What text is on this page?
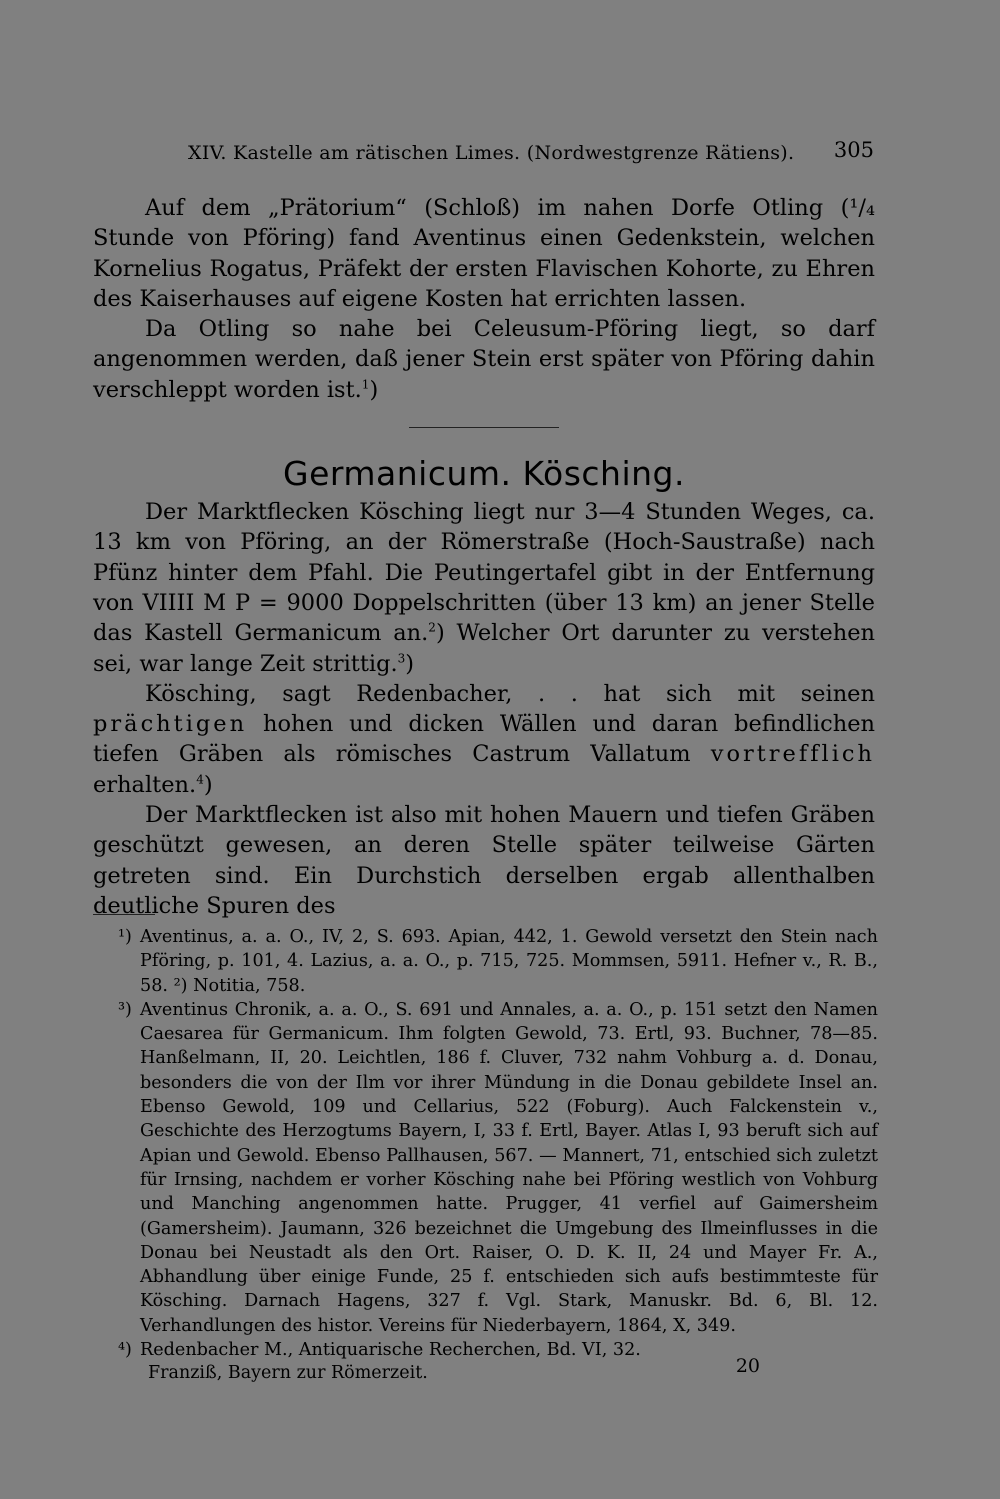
XIV. Kastelle am rätischen Limes. (Nordwestgrenze Rätiens). 305

Auf dem „Prätorium“ (Schloß) im nahen Dorfe Otling (¹/₄ Stunde von Pföring) fand Aventinus einen Gedenkstein, welchen Kornelius Rogatus, Präfekt der ersten Flavischen Kohorte, zu Ehren des Kaiserhauses auf eigene Kosten hat errichten lassen.

Da Otling so nahe bei Celeusum-Pföring liegt, so darf angenommen werden, daß jener Stein erst später von Pföring dahin verschleppt worden ist.$^1$)

Germanicum. Kösching.

Der Marktflecken Kösching liegt nur 3—4 Stunden Weges, ca. 13 km von Pföring, an der Römerstraße (Hoch-Saustraße) nach Pfünz hinter dem Pfahl. Die Peutingertafel gibt in der Entfernung von VIIII M P = 9000 Doppelschritten (über 13 km) an jener Stelle das Kastell Germanicum an.$^2$) Welcher Ort darunter zu verstehen sei, war lange Zeit strittig.$^3$)

Kösching, sagt Redenbacher, . . hat sich mit seinen prächtigen hohen und dicken Wällen und daran befindlichen tiefen Gräben als römisches Castrum Vallatum vortrefflich erhalten.$^4$)

Der Marktflecken ist also mit hohen Mauern und tiefen Gräben geschützt gewesen, an deren Stelle später teilweise Gärten getreten sind. Ein Durchstich derselben ergab allenthalben deutliche Spuren des

¹) Aventinus, a. a. O., IV, 2, S. 693. Apian, 442, 1. Gewold versetzt den Stein nach Pföring, p. 101, 4. Lazius, a. a. O., p. 715, 725. Mommsen, 5911. Hefner v., R. B., 58. ²) Notitia, 758.

³) Aventinus Chronik, a. a. O., S. 691 und Annales, a. a. O., p. 151 setzt den Namen Caesarea für Germanicum. Ihm folgten Gewold, 73. Ertl, 93. Buchner, 78—85. Hanßelmann, II, 20. Leichtlen, 186 f. Cluver, 732 nahm Vohburg a. d. Donau, besonders die von der Ilm vor ihrer Mündung in die Donau gebildete Insel an. Ebenso Gewold, 109 und Cellarius, 522 (Foburg). Auch Falckenstein v., Geschichte des Herzogtums Bayern, I, 33 f. Ertl, Bayer. Atlas I, 93 beruft sich auf Apian und Gewold. Ebenso Pallhausen, 567. — Mannert, 71, entschied sich zuletzt für Irnsing, nachdem er vorher Kösching nahe bei Pföring westlich von Vohburg und Manching angenommen hatte. Prugger, 41 verfiel auf Gaimersheim (Gamersheim). Jaumann, 326 bezeichnet die Umgebung des Ilmeinflusses in die Donau bei Neustadt als den Ort. Raiser, O. D. K. II, 24 und Mayer Fr. A., Abhandlung über einige Funde, 25 f. entschieden sich aufs bestimmteste für Kösching. Darnach Hagens, 327 f. Vgl. Stark, Manuskr. Bd. 6, Bl. 12. Verhandlungen des histor. Vereins für Niederbayern, 1864, X, 349.

⁴) Redenbacher M., Antiquarische Recherchen, Bd. VI, 32.

Franziß, Bayern zur Römerzeit.	20
